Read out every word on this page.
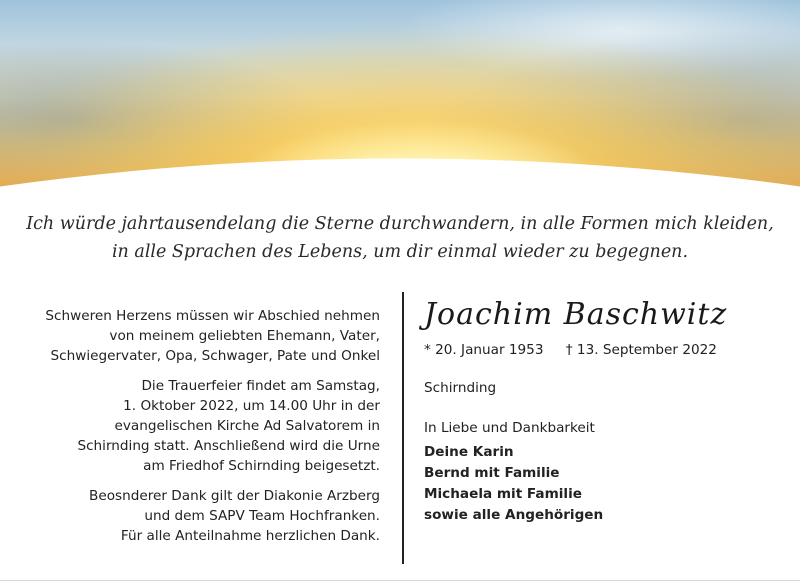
Ich würde jahrtausendelang die Sterne durchwandern, in alle Formen mich kleiden,
in alle Sprachen des Lebens, um dir einmal wieder zu begegnen.

Schweren Herzens müssen wir Abschied nehmen
von meinem geliebten Ehemann, Vater,
Schwiegervater, Opa, Schwager, Pate und Onkel

Die Trauerfeier findet am Samstag,
1. Oktober 2022, um 14.00 Uhr in der
evangelischen Kirche Ad Salvatorem in
Schirnding statt. Anschließend wird die Urne
am Friedhof Schirnding beigesetzt.

Beosnderer Dank gilt der Diakonie Arzberg
und dem SAPV Team Hochfranken.
Für alle Anteilnahme herzlichen Dank.

Joachim Baschwitz
* 20. Januar 1953 † 13. September 2022
Schirnding
In Liebe und Dankbarkeit
Deine Karin
Bernd mit Familie
Michaela mit Familie
sowie alle Angehörigen
